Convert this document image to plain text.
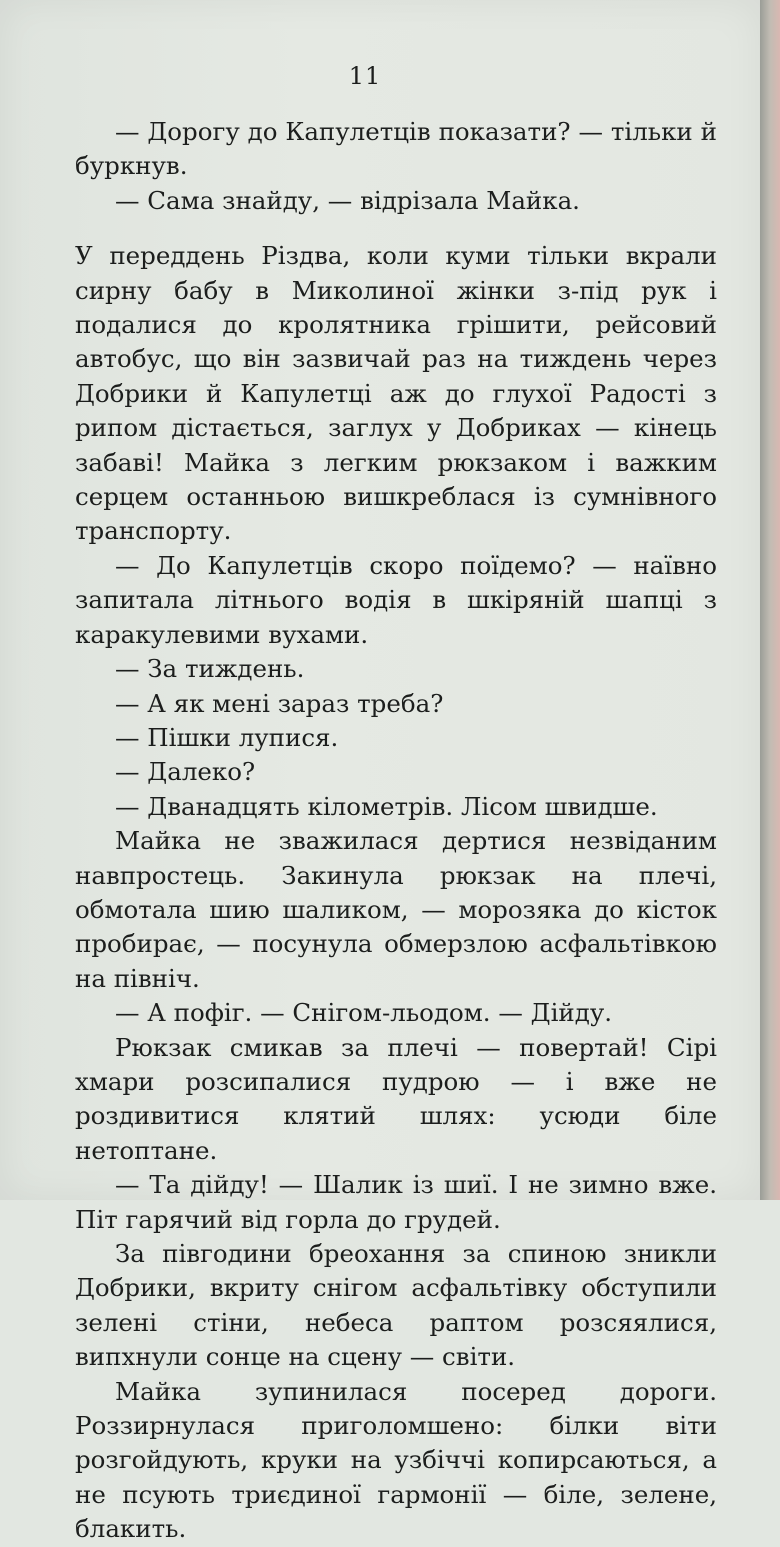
11

— Дорогу до Капулетців показати? — тільки й буркнув.

— Сама знайду, — відрізала Майка.

У переддень Різдва, коли куми тільки вкрали сирну бабу в Миколиної жінки з-під рук і подалися до кролятника грішити, рейсовий автобус, що він зазвичай раз на тиждень через Добрики й Капулетці аж до глухої Радості з рипом дістається, заглух у Добриках — кінець забаві! Майка з легким рюкзаком і важким серцем останньою вишкреблася із сумнівного транспорту.

— До Капулетців скоро поїдемо? — наївно запитала літнього водія в шкіряній шапці з каракулевими вухами.

— За тиждень.

— А як мені зараз треба?

— Пішки лупися.

— Далеко?

— Дванадцять кілометрів. Лісом швидше.

Майка не зважилася дертися незвіданим навпростець. Закинула рюкзак на плечі, обмотала шию шаликом, — морозяка до кісток пробирає, — посунула обмерзлою асфальтівкою на північ.

— А пофіг. — Снігом-льодом. — Дійду.

Рюкзак смикав за плечі — повертай! Сірі хмари розсипалися пудрою — і вже не роздивитися клятий шлях: усюди біле нетоптане.

— Та дійду! — Шалик із шиї. І не зимно вже. Піт гарячий від горла до грудей.

За півгодини бреохання за спиною зникли Добрики, вкриту снігом асфальтівку обступили зелені стіни, небеса раптом розсяялися, випхнули сонце на сцену — світи.

Майка зупинилася посеред дороги. Роззирнулася приголомшено: білки віти розгойдують, круки на узбіччі копирсаються, а не псують триєдиної гармонії — біле, зелене, блакить.
